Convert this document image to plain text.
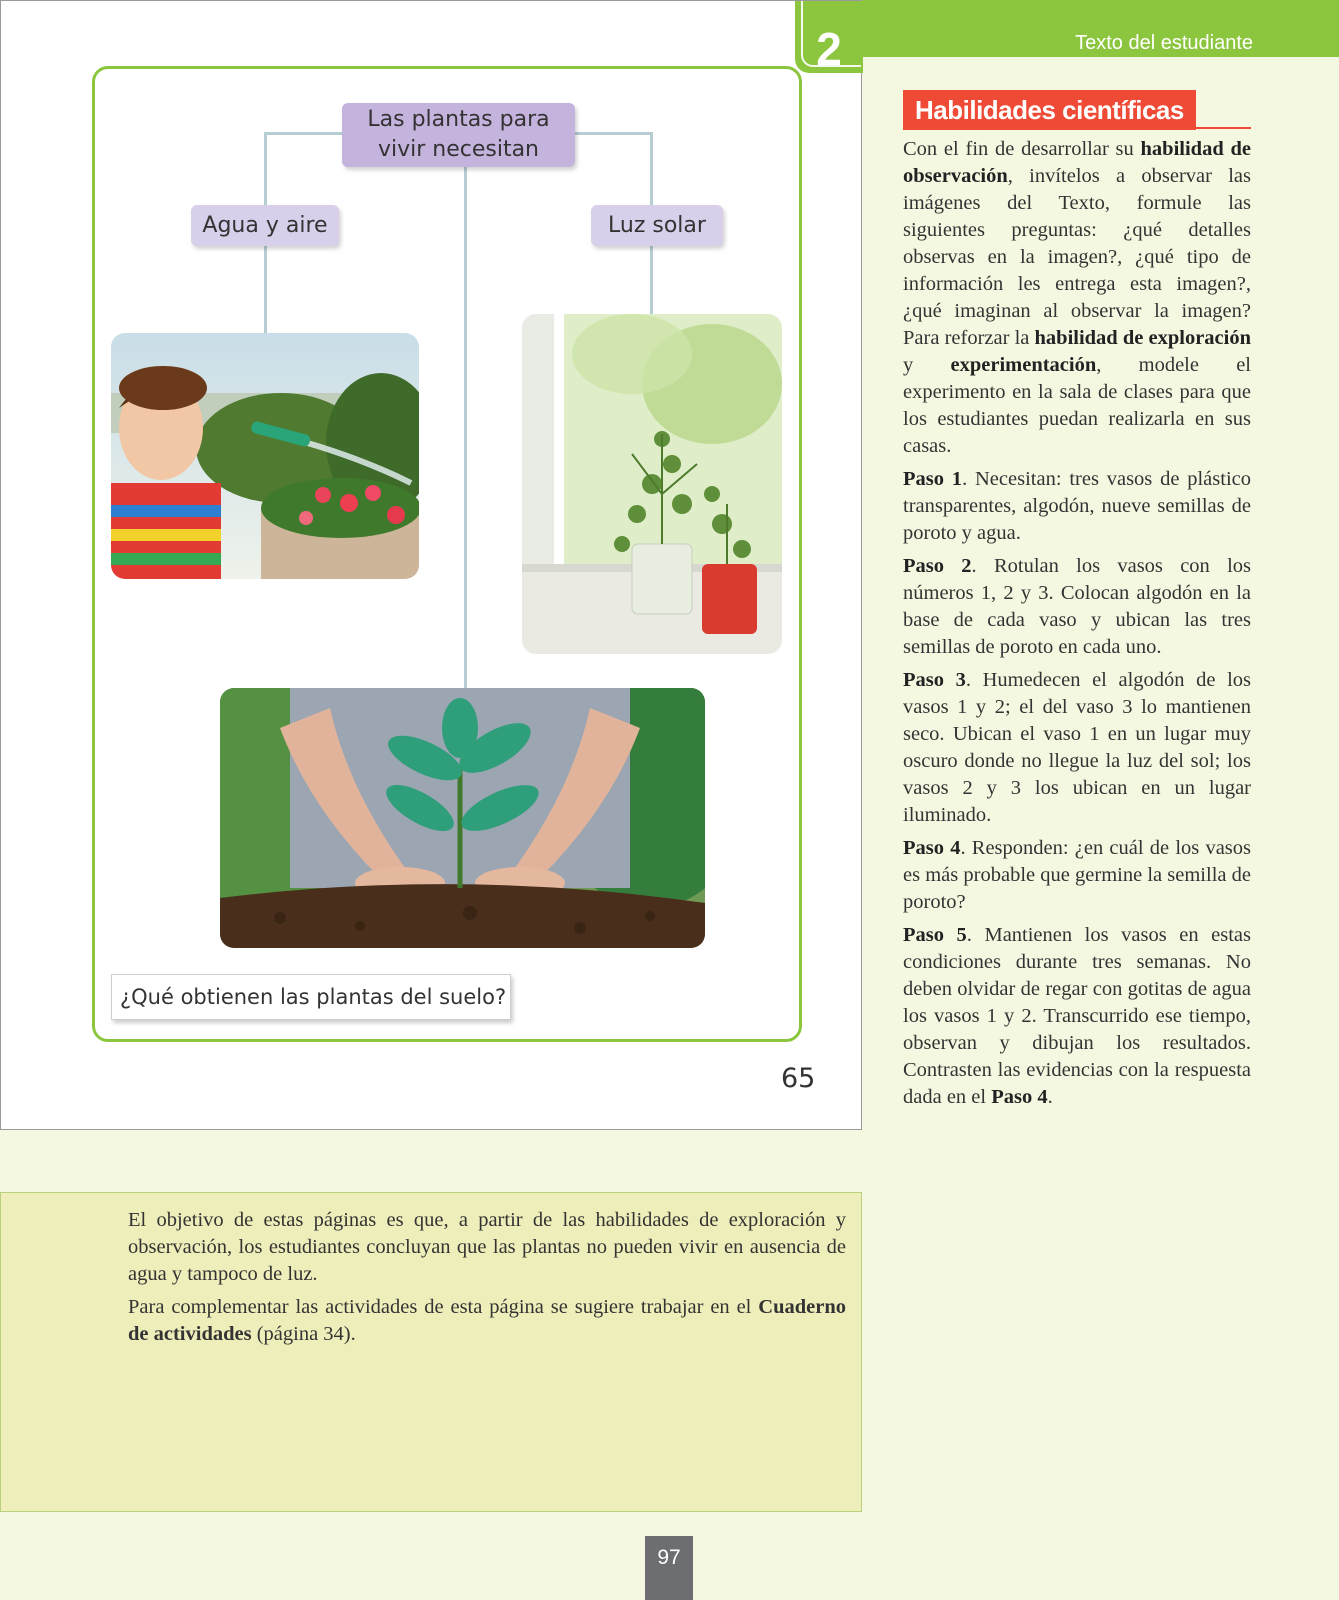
2
Las plantas para vivir necesitan
Agua y aire	Luz solar
¿Qué obtienen las plantas del suelo?
65
Texto del estudiante
Habilidades científicas

Con el fin de desarrollar su habilidad de observación, invítelos a observar las imágenes del Texto, formule las siguientes preguntas: ¿qué detalles observas en la imagen?, ¿qué tipo de información les entrega esta imagen?, ¿qué imaginan al observar la imagen? Para reforzar la habilidad de exploración y experimentación, modele el experimento en la sala de clases para que los estudiantes puedan realizarla en sus casas.

Paso 1. Necesitan: tres vasos de plástico transparentes, algodón, nueve semillas de poroto y agua.

Paso 2. Rotulan los vasos con los números 1, 2 y 3. Colocan algodón en la base de cada vaso y ubican las tres semillas de poroto en cada uno.

Paso 3. Humedecen el algodón de los vasos 1 y 2; el del vaso 3 lo mantienen seco. Ubican el vaso 1 en un lugar muy oscuro donde no llegue la luz del sol; los vasos 2 y 3 los ubican en un lugar iluminado.

Paso 4. Responden: ¿en cuál de los vasos es más probable que germine la semilla de poroto?

Paso 5. Mantienen los vasos en estas condiciones durante tres semanas. No deben olvidar de regar con gotitas de agua los vasos 1 y 2. Transcurrido ese tiempo, observan y dibujan los resultados. Contrasten las evidencias con la respuesta dada en el Paso 4.

El objetivo de estas páginas es que, a partir de las habilidades de exploración y observación, los estudiantes concluyan que las plantas no pueden vivir en ausencia de agua y tampoco de luz.

Para complementar las actividades de esta página se sugiere trabajar en el Cuaderno de actividades (página 34).

97
